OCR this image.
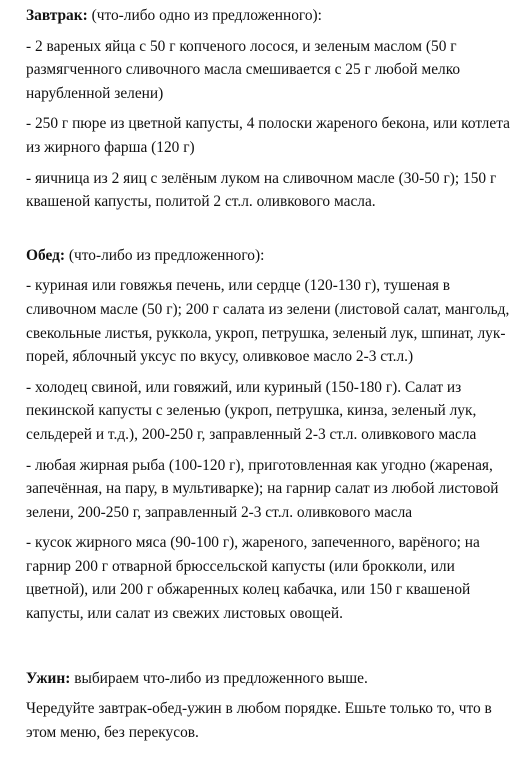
Завтрак: (что-либо одно из предложенного):

- 2 вареных яйца с 50 г копченого лосося, и зеленым маслом (50 г размягченного сливочного масла смешивается с 25 г любой мелко нарубленной зелени)

- 250 г пюре из цветной капусты, 4 полоски жареного бекона, или котлета из жирного фарша (120 г)

- яичница из 2 яиц с зелёным луком на сливочном масле (30-50 г); 150 г квашеной капусты, политой 2 ст.л. оливкового масла.

Обед: (что-либо из предложенного):

- куриная или говяжья печень, или сердце (120-130 г), тушеная в сливочном масле (50 г); 200 г салата из зелени (листовой салат, мангольд, свекольные листья, руккола, укроп, петрушка, зеленый лук, шпинат, лук-порей, яблочный уксус по вкусу, оливковое масло 2-3 ст.л.)

- холодец свиной, или говяжий, или куриный (150-180 г). Салат из пекинской капусты с зеленью (укроп, петрушка, кинза, зеленый лук, сельдерей и т.д.), 200-250 г, заправленный 2-3 ст.л. оливкового масла

- любая жирная рыба (100-120 г), приготовленная как угодно (жареная, запечённая, на пару, в мультиварке); на гарнир салат из любой листовой зелени, 200-250 г, заправленный 2-3 ст.л. оливкового масла

- кусок жирного мяса (90-100 г), жареного, запеченного, варёного; на гарнир 200 г отварной брюссельской капусты (или брокколи, или цветной), или 200 г обжаренных колец кабачка, или 150 г квашеной капусты, или салат из свежих листовых овощей.

Ужин: выбираем что-либо из предложенного выше.

Чередуйте завтрак-обед-ужин в любом порядке. Ешьте только то, что в этом меню, без перекусов.
